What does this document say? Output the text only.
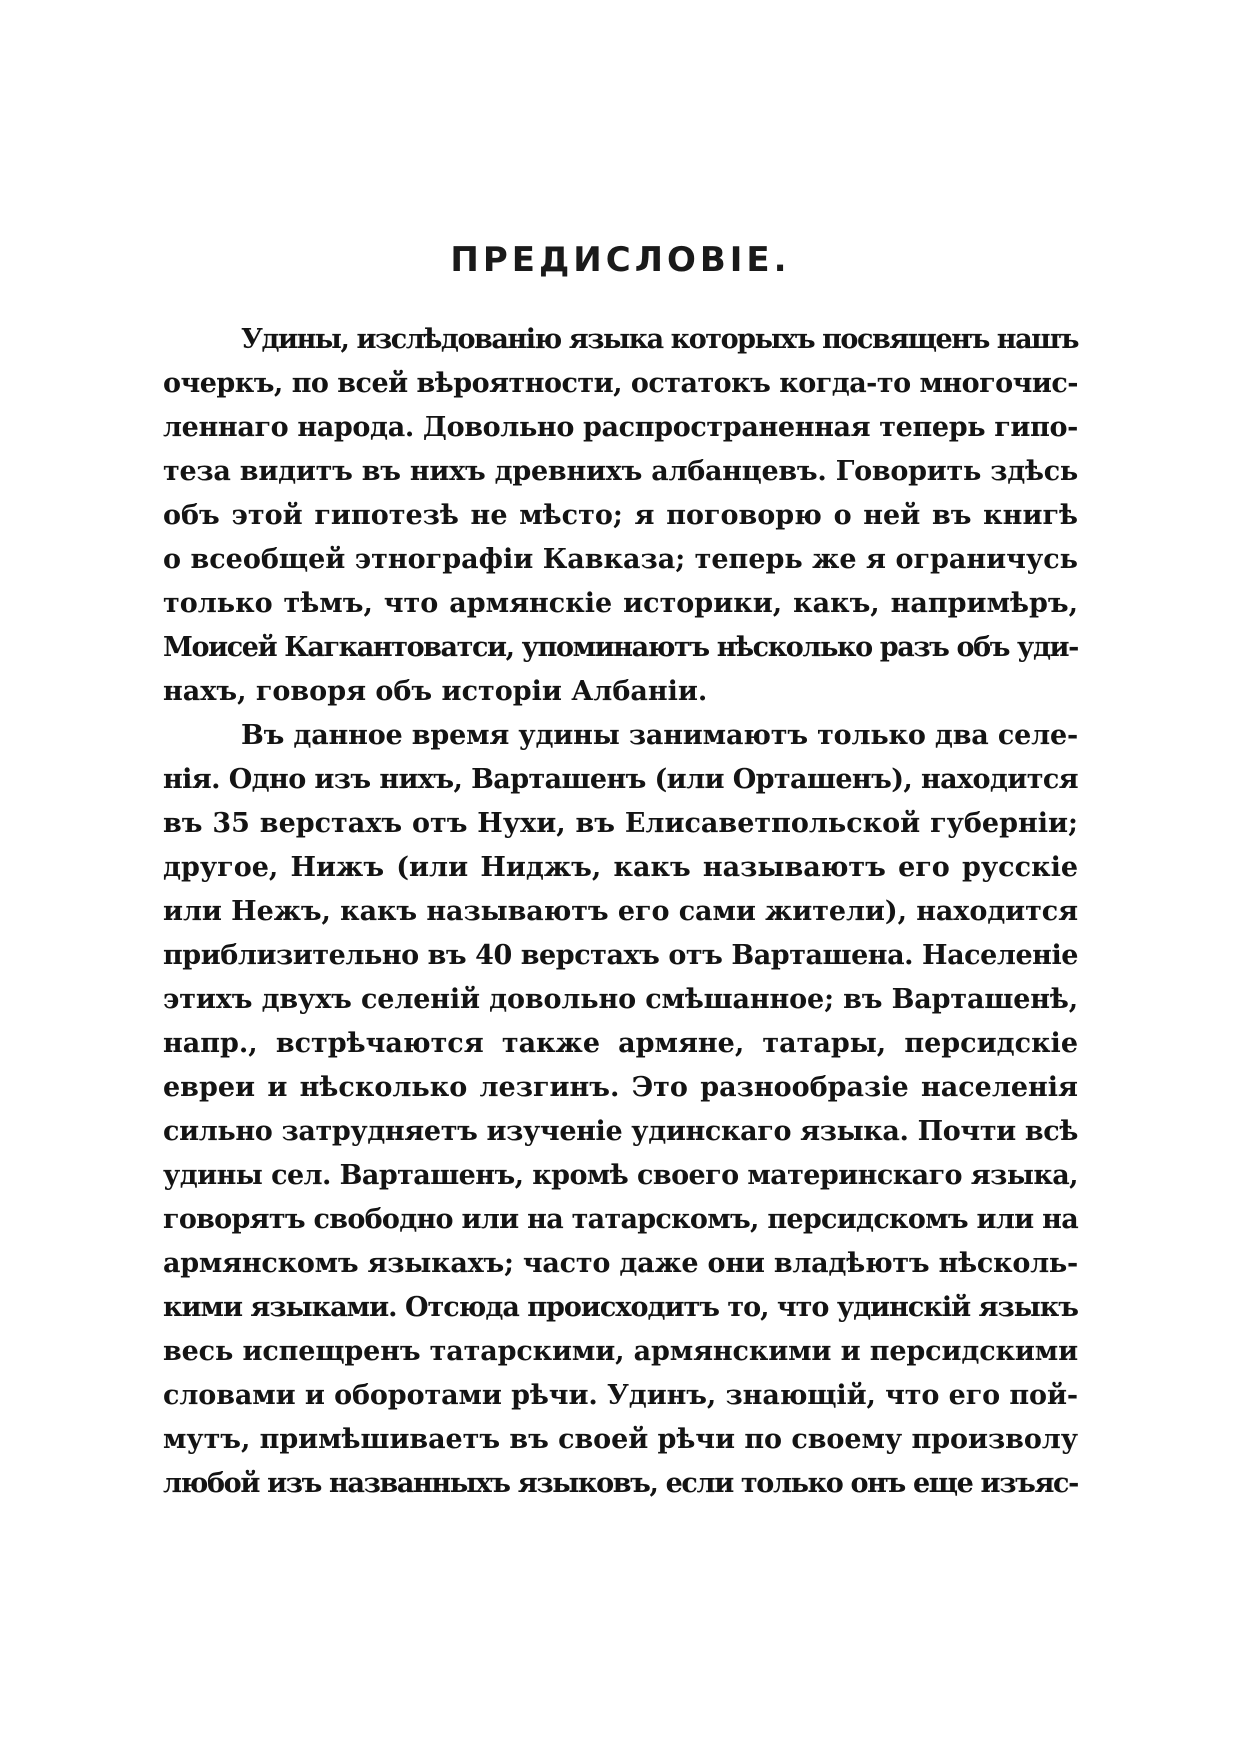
ПРЕДИСЛОВІЕ.
Удины, изслѣдованію языка которыхъ посвященъ нашъ
очеркъ, по всей вѣроятности, остатокъ когда-то многочис-
леннаго народа. Довольно распространенная теперь гипо-
теза видитъ въ нихъ древнихъ албанцевъ. Говорить здѣсь
объ этой гипотезѣ не мѣсто; я поговорю о ней въ книгѣ
о всеобщей этнографіи Кавказа; теперь же я ограничусь
только тѣмъ, что армянскіе историки, какъ, напримѣръ,
Моисей Кагкантоватси, упоминаютъ нѣсколько разъ объ уди-
нахъ, говоря объ исторіи Албаніи.
Въ данное время удины занимаютъ только два селе-
нія. Одно изъ нихъ, Варташенъ (или Орташенъ), находится
въ 35 верстахъ отъ Нухи, въ Елисаветпольской губерніи;
другое, Нижъ (или Ниджъ, какъ называютъ его русскіе
или Нежъ, какъ называютъ его сами жители), находится
приблизительно въ 40 верстахъ отъ Варташена. Населеніе
этихъ двухъ селеній довольно смѣшанное; въ Варташенѣ,
напр., встрѣчаются также армяне, татары, персидскіе
евреи и нѣсколько лезгинъ. Это разнообразіе населенія
сильно затрудняетъ изученіе удинскаго языка. Почти всѣ
удины сел. Варташенъ, кромѣ своего материнскаго языка,
говорятъ свободно или на татарскомъ, персидскомъ или на
армянскомъ языкахъ; часто даже они владѣютъ нѣсколь-
кими языками. Отсюда происходитъ то, что удинскій языкъ
весь испещренъ татарскими, армянскими и персидскими
словами и оборотами рѣчи. Удинъ, знающій, что его пой-
мутъ, примѣшиваетъ въ своей рѣчи по своему произволу
любой изъ названныхъ языковъ, если только онъ еще изъяс-
